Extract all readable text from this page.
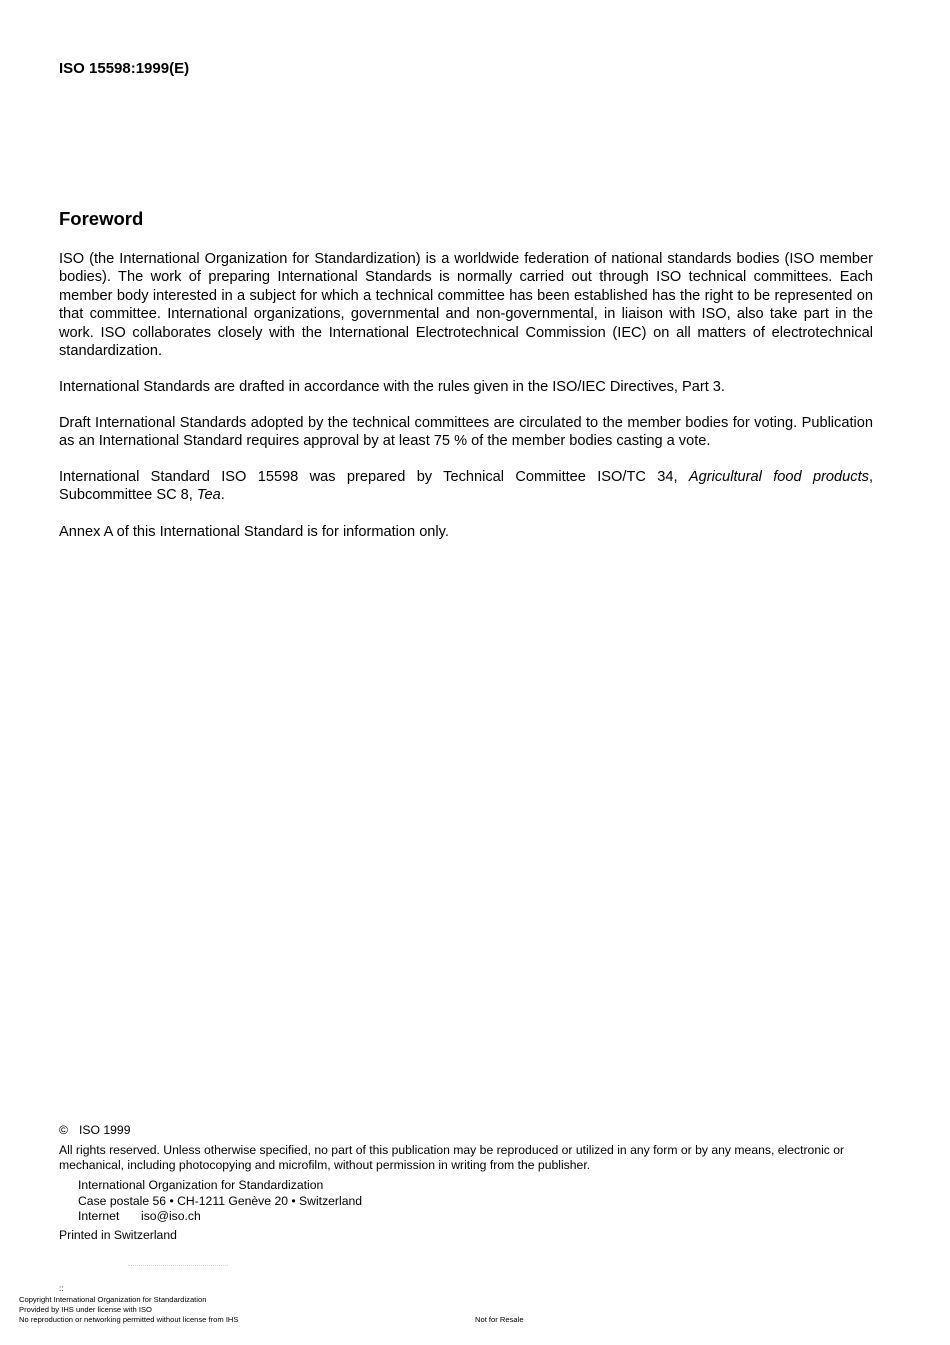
ISO 15598:1999(E)
Foreword
ISO (the International Organization for Standardization) is a worldwide federation of national standards bodies (ISO member bodies). The work of preparing International Standards is normally carried out through ISO technical committees. Each member body interested in a subject for which a technical committee has been established has the right to be represented on that committee. International organizations, governmental and non-governmental, in liaison with ISO, also take part in the work. ISO collaborates closely with the International Electrotechnical Commission (IEC) on all matters of electrotechnical standardization.
International Standards are drafted in accordance with the rules given in the ISO/IEC Directives, Part 3.
Draft International Standards adopted by the technical committees are circulated to the member bodies for voting. Publication as an International Standard requires approval by at least 75 % of the member bodies casting a vote.
International Standard ISO 15598 was prepared by Technical Committee ISO/TC 34, Agricultural food products, Subcommittee SC 8, Tea.
Annex A of this International Standard is for information only.
© ISO 1999
All rights reserved. Unless otherwise specified, no part of this publication may be reproduced or utilized in any form or by any means, electronic or mechanical, including photocopying and microfilm, without permission in writing from the publisher.
International Organization for Standardization
Case postale 56 • CH-1211 Genève 20 • Switzerland
Internet iso@iso.ch
Printed in Switzerland
::
Copyright International Organization for Standardization
Provided by IHS under license with ISO
No reproduction or networking permitted without license from IHS	Not for Resale
